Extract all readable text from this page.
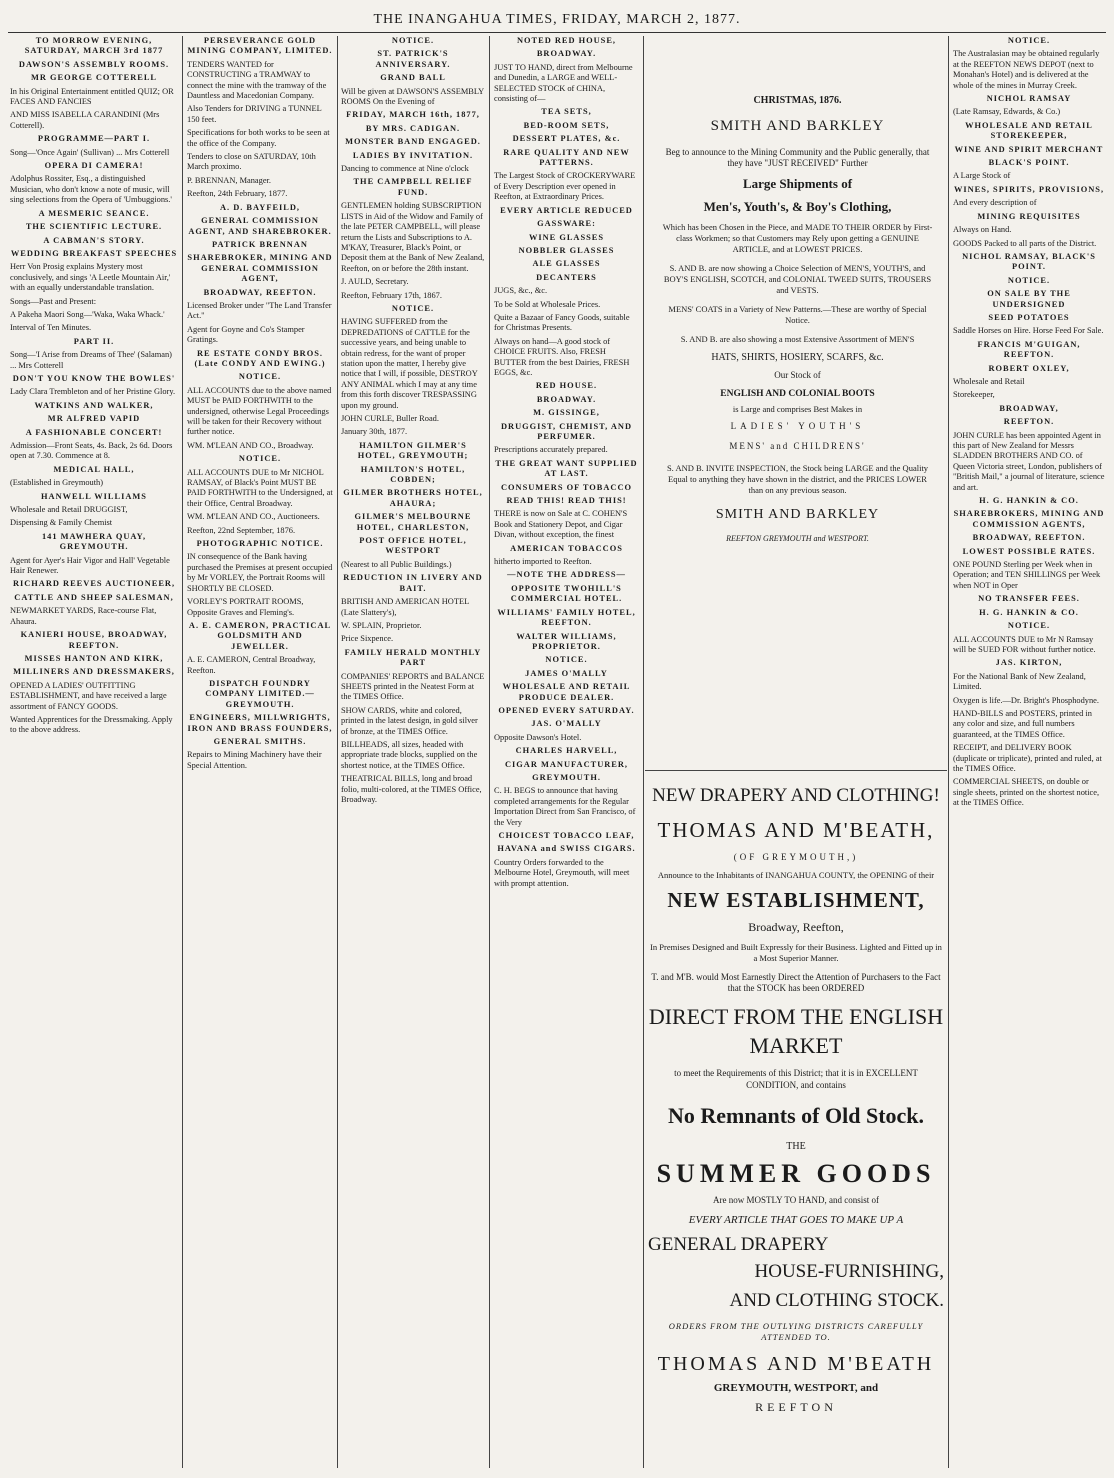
THE INANGAHUA TIMES, FRIDAY, MARCH 2, 1877.

TO MORROW EVENING, SATURDAY, MARCH 3rd 1877

DAWSON'S ASSEMBLY ROOMS.

MR GEORGE COTTERELL

In his Original Entertainment entitled QUIZ; OR FACES AND FANCIES

AND MISS ISABELLA CARANDINI (Mrs Cotterell).

PROGRAMME—PART I.

Song—'Once Again' (Sullivan) ... Mrs Cotterell

OPERA DI CAMERA!

Adolphus Rossiter, Esq., a distinguished Musician, who don't know a note of music, will sing selections from the Opera of 'Umbuggions.'

A MESMERIC SEANCE.

THE SCIENTIFIC LECTURE.

A CABMAN'S STORY.

WEDDING BREAKFAST SPEECHES

Herr Von Prosig explains Mystery most conclusively, and sings 'A Leetle Mountain Air,' with an equally understandable translation.

Songs—Past and Present:

A Pakeha Maori Song—'Waka, Waka Whack.'

Interval of Ten Minutes.

PART II.

Song—'I Arise from Dreams of Thee' (Salaman) ... Mrs Cotterell

DON'T YOU KNOW THE BOWLES'

Lady Clara Trembleton and of her Pristine Glory.

WATKINS AND WALKER,

MR ALFRED VAPID

A FASHIONABLE CONCERT!

Admission—Front Seats, 4s. Back, 2s 6d. Doors open at 7.30. Commence at 8.

MEDICAL HALL,

(Established in Greymouth)

HANWELL WILLIAMS

Wholesale and Retail DRUGGIST,

Dispensing & Family Chemist

141 MAWHERA QUAY, GREYMOUTH.

Agent for Ayer's Hair Vigor and Hall' Vegetable Hair Renewer.

RICHARD REEVES AUCTIONEER,

CATTLE AND SHEEP SALESMAN,

NEWMARKET YARDS, Race-course Flat, Ahaura.

KANIERI HOUSE, BROADWAY, REEFTON.

MISSES HANTON AND KIRK,

MILLINERS AND DRESSMAKERS,

OPENED A LADIES' OUTFITTING ESTABLISHMENT, and have received a large assortment of FANCY GOODS.

Wanted Apprentices for the Dressmaking. Apply to the above address.

PERSEVERANCE GOLD MINING COMPANY, LIMITED.

TENDERS WANTED for CONSTRUCTING a TRAMWAY to connect the mine with the tramway of the Dauntless and Macedonian Company.

Also Tenders for DRIVING a TUNNEL 150 feet.

Specifications for both works to be seen at the office of the Company.

Tenders to close on SATURDAY, 10th March proximo.

P. BRENNAN, Manager.

Reefton, 24th February, 1877.

A. D. BAYFEILD,

GENERAL COMMISSION AGENT, AND SHAREBROKER.

PATRICK BRENNAN

SHAREBROKER, MINING AND GENERAL COMMISSION AGENT,

BROADWAY, REEFTON.

Licensed Broker under "The Land Transfer Act."

Agent for Goyne and Co's Stamper Gratings.

RE ESTATE CONDY BROS. (Late CONDY AND EWING.)

NOTICE.

ALL ACCOUNTS due to the above named MUST be PAID FORTHWITH to the undersigned, otherwise Legal Proceedings will be taken for their Recovery without further notice.

WM. M'LEAN AND CO., Broadway.

NOTICE.

ALL ACCOUNTS DUE to Mr NICHOL RAMSAY, of Black's Point MUST BE PAID FORTHWITH to the Undersigned, at their Office, Central Broadway.

WM. M'LEAN AND CO., Auctioneers.

Reefton, 22nd September, 1876.

PHOTOGRAPHIC NOTICE.

IN consequence of the Bank having purchased the Premises at present occupied by Mr VORLEY, the Portrait Rooms will SHORTLY BE CLOSED.

VORLEY'S PORTRAIT ROOMS, Opposite Graves and Fleming's.

A. E. CAMERON, PRACTICAL GOLDSMITH AND JEWELLER.

A. E. CAMERON, Central Broadway, Reefton.

DISPATCH FOUNDRY COMPANY LIMITED.—GREYMOUTH.

ENGINEERS, MILLWRIGHTS, IRON AND BRASS FOUNDERS,

GENERAL SMITHS.

Repairs to Mining Machinery have their Special Attention.

NOTICE.

ST. PATRICK'S ANNIVERSARY.

GRAND BALL

Will be given at DAWSON'S ASSEMBLY ROOMS On the Evening of

FRIDAY, MARCH 16th, 1877,

BY MRS. CADIGAN.

MONSTER BAND ENGAGED.

LADIES BY INVITATION.

Dancing to commence at Nine o'clock

THE CAMPBELL RELIEF FUND.

GENTLEMEN holding SUBSCRIPTION LISTS in Aid of the Widow and Family of the late PETER CAMPBELL, will please return the Lists and Subscriptions to A. M'KAY, Treasurer, Black's Point, or Deposit them at the Bank of New Zealand, Reefton, on or before the 28th instant.

J. AULD, Secretary.

Reefton, February 17th, 1867.

NOTICE.

HAVING SUFFERED from the DEPREDATIONS of CATTLE for the successive years, and being unable to obtain redress, for the want of proper station upon the matter, I hereby give notice that I will, if possible, DESTROY ANY ANIMAL which I may at any time from this forth discover TRESPASSING upon my ground.

JOHN CURLE, Buller Road.

January 30th, 1877.

HAMILTON GILMER'S HOTEL, GREYMOUTH;

HAMILTON'S HOTEL, COBDEN;

GILMER BROTHERS HOTEL, AHAURA;

GILMER'S MELBOURNE HOTEL, CHARLESTON,

POST OFFICE HOTEL, WESTPORT

(Nearest to all Public Buildings.)

REDUCTION IN LIVERY AND BAIT.

BRITISH AND AMERICAN HOTEL (Late Slattery's),

W. SPLAIN, Proprietor.

Price Sixpence.

FAMILY HERALD MONTHLY PART

COMPANIES' REPORTS and BALANCE SHEETS printed in the Neatest Form at the TIMES Office.

SHOW CARDS, white and colored, printed in the latest design, in gold silver of bronze, at the TIMES Office.

BILLHEADS, all sizes, headed with appropriate trade blocks, supplied on the shortest notice, at the TIMES Office.

THEATRICAL BILLS, long and broad folio, multi-colored, at the TIMES Office, Broadway.

NOTED RED HOUSE,

BROADWAY.

JUST TO HAND, direct from Melbourne and Dunedin, a LARGE and WELL-SELECTED STOCK of CHINA, consisting of—

TEA SETS,

BED-ROOM SETS,

DESSERT PLATES, &c.

RARE QUALITY AND NEW PATTERNS.

The Largest Stock of CROCKERYWARE of Every Description ever opened in Reefton, at Extraordinary Prices.

EVERY ARTICLE REDUCED

GASSWARE:

WINE GLASSES

NOBBLER GLASSES

ALE GLASSES

DECANTERS

JUGS, &c., &c.

To be Sold at Wholesale Prices.

Quite a Bazaar of Fancy Goods, suitable for Christmas Presents.

Always on hand—A good stock of CHOICE FRUITS. Also, FRESH BUTTER from the best Dairies, FRESH EGGS, &c.

RED HOUSE.

BROADWAY.

M. GISSINGE,

DRUGGIST, CHEMIST, AND PERFUMER.

Prescriptions accurately prepared.

THE GREAT WANT SUPPLIED AT LAST.

CONSUMERS OF TOBACCO

READ THIS! READ THIS!

THERE is now on Sale at C. COHEN'S Book and Stationery Depot, and Cigar Divan, without exception, the finest

AMERICAN TOBACCOS

hitherto imported to Reefton.

—NOTE THE ADDRESS—

OPPOSITE TWOHILL'S COMMERCIAL HOTEL.

WILLIAMS' FAMILY HOTEL, REEFTON.

WALTER WILLIAMS, PROPRIETOR.

NOTICE.

JAMES O'MALLY

WHOLESALE AND RETAIL PRODUCE DEALER.

OPENED EVERY SATURDAY.

JAS. O'MALLY

Opposite Dawson's Hotel.

CHARLES HARVELL,

CIGAR MANUFACTURER,

GREYMOUTH.

C. H. BEGS to announce that having completed arrangements for the Regular Importation Direct from San Francisco, of the Very

CHOICEST TOBACCO LEAF,

HAVANA and SWISS CIGARS.

Country Orders forwarded to the Melbourne Hotel, Greymouth, will meet with prompt attention.

CHRISTMAS, 1876.

SMITH AND BARKLEY

Beg to announce to the Mining Community and the Public generally, that they have "JUST RECEIVED" Further

Large Shipments of

Men's, Youth's, & Boy's Clothing,

Which has been Chosen in the Piece, and MADE TO THEIR ORDER by First-class Workmen; so that Customers may Rely upon getting a GENUINE ARTICLE, and at LOWEST PRICES.

S. AND B. are now showing a Choice Selection of MEN'S, YOUTH'S, and BOY'S ENGLISH, SCOTCH, and COLONIAL TWEED SUITS, TROUSERS and VESTS.

MENS' COATS in a Variety of New Patterns.—These are worthy of Special Notice.

S. AND B. are also showing a most Extensive Assortment of MEN'S

HATS, SHIRTS, HOSIERY, SCARFS, &c.

Our Stock of

ENGLISH AND COLONIAL BOOTS

is Large and comprises Best Makes in

LADIES' YOUTH'S

MENS' and CHILDRENS'

S. AND B. INVITE INSPECTION, the Stock being LARGE and the Quality Equal to anything they have shown in the district, and the PRICES LOWER than on any previous season.

SMITH AND BARKLEY

REEFTON GREYMOUTH and WESTPORT.

NEW DRAPERY AND CLOTHING!

THOMAS AND M'BEATH,

(OF GREYMOUTH,)

Announce to the Inhabitants of INANGAHUA COUNTY, the OPENING of their

NEW ESTABLISHMENT,

Broadway, Reefton,

In Premises Designed and Built Expressly for their Business. Lighted and Fitted up in a Most Superior Manner.

T. and M'B. would Most Earnestly Direct the Attention of Purchasers to the Fact that the STOCK has been ORDERED

DIRECT FROM THE ENGLISH MARKET

to meet the Requirements of this District; that it is in EXCELLENT CONDITION, and contains

No Remnants of Old Stock.

THE

SUMMER GOODS

Are now MOSTLY TO HAND, and consist of

EVERY ARTICLE THAT GOES TO MAKE UP A

GENERAL DRAPERY

HOUSE-FURNISHING,

AND CLOTHING STOCK.

ORDERS FROM THE OUTLYING DISTRICTS CAREFULLY ATTENDED TO.

THOMAS AND M'BEATH

GREYMOUTH, WESTPORT, and

REEFTON

NOTICE.

The Australasian may be obtained regularly at the REEFTON NEWS DEPOT (next to Monahan's Hotel) and is delivered at the whole of the mines in Murray Creek.

NICHOL RAMSAY

(Late Ramsay, Edwards, & Co.)

WHOLESALE AND RETAIL STOREKEEPER,

WINE AND SPIRIT MERCHANT

BLACK'S POINT.

A Large Stock of

WINES, SPIRITS, PROVISIONS,

And every description of

MINING REQUISITES

Always on Hand.

GOODS Packed to all parts of the District.

NICHOL RAMSAY, BLACK'S POINT.

NOTICE.

ON SALE BY THE UNDERSIGNED

SEED POTATOES

Saddle Horses on Hire. Horse Feed For Sale.

FRANCIS M'GUIGAN, REEFTON.

ROBERT OXLEY,

Wholesale and Retail

Storekeeper,

BROADWAY,

REEFTON.

JOHN CURLE has been appointed Agent in this part of New Zealand for Messrs SLADDEN BROTHERS AND CO. of Queen Victoria street, London, publishers of "British Mail," a journal of literature, science and art.

H. G. HANKIN & CO.

SHAREBROKERS, MINING AND COMMISSION AGENTS,

BROADWAY, REEFTON.

LOWEST POSSIBLE RATES.

ONE POUND Sterling per Week when in Operation; and TEN SHILLINGS per Week when NOT in Oper

NO TRANSFER FEES.

H. G. HANKIN & CO.

NOTICE.

ALL ACCOUNTS DUE to Mr N Ramsay will be SUED FOR without further notice.

JAS. KIRTON,

For the National Bank of New Zealand, Limited.

Oxygen is life.—Dr. Bright's Phosphodyne.

HAND-BILLS and POSTERS, printed in any color and size, and full numbers guaranteed, at the TIMES Office.

RECEIPT, and DELIVERY BOOK (duplicate or triplicate), printed and ruled, at the TIMES Office.

COMMERCIAL SHEETS, on double or single sheets, printed on the shortest notice, at the TIMES Office.
